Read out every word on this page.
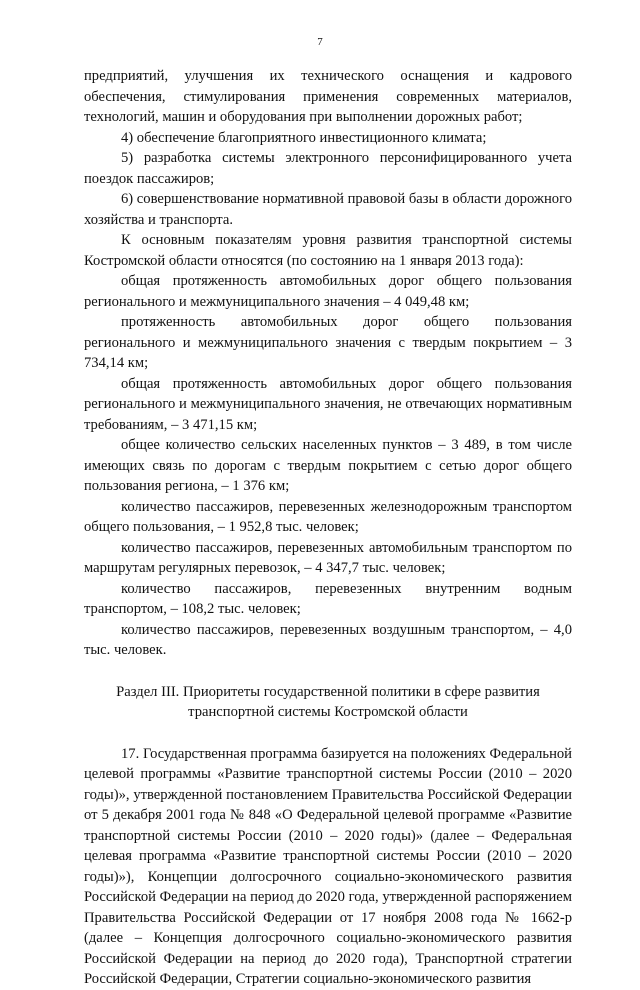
7

предприятий, улучшения их технического оснащения и кадрового обеспечения, стимулирования применения современных материалов, технологий, машин и оборудования при выполнении дорожных работ;

4) обеспечение благоприятного инвестиционного климата;

5) разработка системы электронного персонифицированного учета поездок пассажиров;

6) совершенствование нормативной правовой базы в области дорожного хозяйства и транспорта.

К основным показателям уровня развития транспортной системы Костромской области относятся (по состоянию на 1 января 2013 года):

общая протяженность автомобильных дорог общего пользования регионального и межмуниципального значения – 4 049,48 км;

протяженность автомобильных дорог общего пользования регионального и межмуниципального значения с твердым покрытием – 3 734,14 км;

общая протяженность автомобильных дорог общего пользования регионального и межмуниципального значения, не отвечающих нормативным требованиям, – 3 471,15 км;

общее количество сельских населенных пунктов – 3 489, в том числе имеющих связь по дорогам с твердым покрытием с сетью дорог общего пользования региона, – 1 376 км;

количество пассажиров, перевезенных железнодорожным транспортом общего пользования, – 1 952,8 тыс. человек;

количество пассажиров, перевезенных автомобильным транспортом по маршрутам регулярных перевозок, – 4 347,7 тыс. человек;

количество пассажиров, перевезенных внутренним водным транспортом, – 108,2 тыс. человек;

количество пассажиров, перевезенных воздушным транспортом, – 4,0 тыс. человек.

Раздел III. Приоритеты государственной политики в сфере развития транспортной системы Костромской области

17. Государственная программа базируется на положениях Федеральной целевой программы «Развитие транспортной системы России (2010 – 2020 годы)», утвержденной постановлением Правительства Российской Федерации от 5 декабря 2001 года № 848 «О Федеральной целевой программе «Развитие транспортной системы России (2010 – 2020 годы)» (далее – Федеральная целевая программа «Развитие транспортной системы России (2010 – 2020 годы)»), Концепции долгосрочного социально-экономического развития Российской Федерации на период до 2020 года, утвержденной распоряжением Правительства Российской Федерации от 17 ноября 2008 года № 1662-р (далее – Концепция долгосрочного социально-экономического развития Российской Федерации на период до 2020 года), Транспортной стратегии Российской Федерации, Стратегии социально-экономического развития
